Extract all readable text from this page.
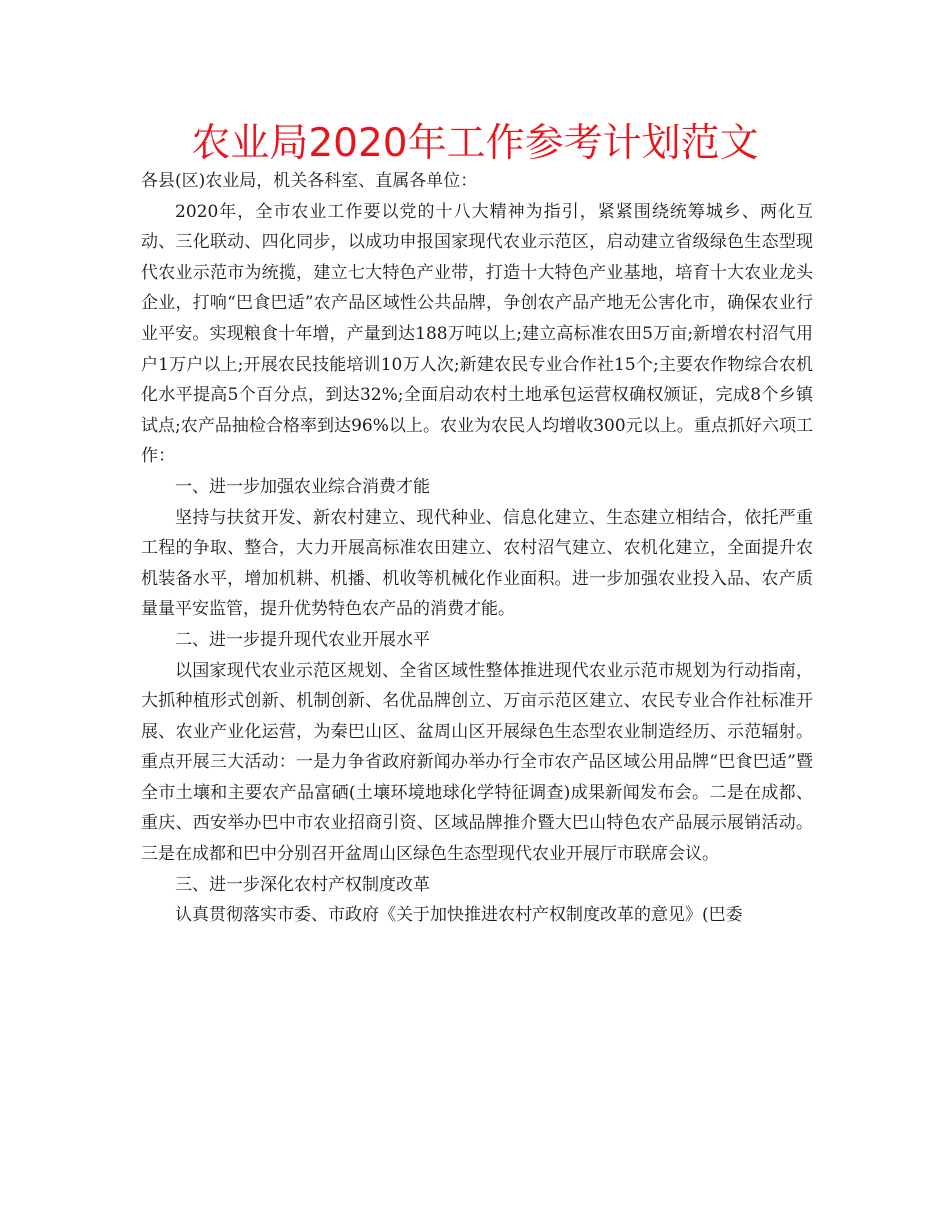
农业局2020年工作参考计划范文

各县(区)农业局，机关各科室、直属各单位：

2020年，全市农业工作要以党的十八大精神为指引，紧紧围绕统筹城乡、两化互动、三化联动、四化同步，以成功申报国家现代农业示范区，启动建立省级绿色生态型现代农业示范市为统揽，建立七大特色产业带，打造十大特色产业基地，培育十大农业龙头企业，打响“巴食巴适”农产品区域性公共品牌，争创农产品产地无公害化市，确保农业行业平安。实现粮食十年增，产量到达188万吨以上;建立高标准农田5万亩;新增农村沼气用户1万户以上;开展农民技能培训10万人次;新建农民专业合作社15个;主要农作物综合农机化水平提高5个百分点，到达32%;全面启动农村土地承包运营权确权颁证，完成8个乡镇试点;农产品抽检合格率到达96%以上。农业为农民人均增收300元以上。重点抓好六项工作：

一、进一步加强农业综合消费才能

坚持与扶贫开发、新农村建立、现代种业、信息化建立、生态建立相结合，依托严重工程的争取、整合，大力开展高标准农田建立、农村沼气建立、农机化建立，全面提升农机装备水平，增加机耕、机播、机收等机械化作业面积。进一步加强农业投入品、农产质量量平安监管，提升优势特色农产品的消费才能。

二、进一步提升现代农业开展水平

以国家现代农业示范区规划、全省区域性整体推进现代农业示范市规划为行动指南，大抓种植形式创新、机制创新、名优品牌创立、万亩示范区建立、农民专业合作社标准开展、农业产业化运营，为秦巴山区、盆周山区开展绿色生态型农业制造经历、示范辐射。重点开展三大活动：一是力争省政府新闻办举办行全市农产品区域公用品牌“巴食巴适”暨全市土壤和主要农产品富硒(土壤环境地球化学特征调查)成果新闻发布会。二是在成都、重庆、西安举办巴中市农业招商引资、区域品牌推介暨大巴山特色农产品展示展销活动。三是在成都和巴中分别召开盆周山区绿色生态型现代农业开展厅市联席会议。

三、进一步深化农村产权制度改革

认真贯彻落实市委、市政府《关于加快推进农村产权制度改革的意见》(巴委
